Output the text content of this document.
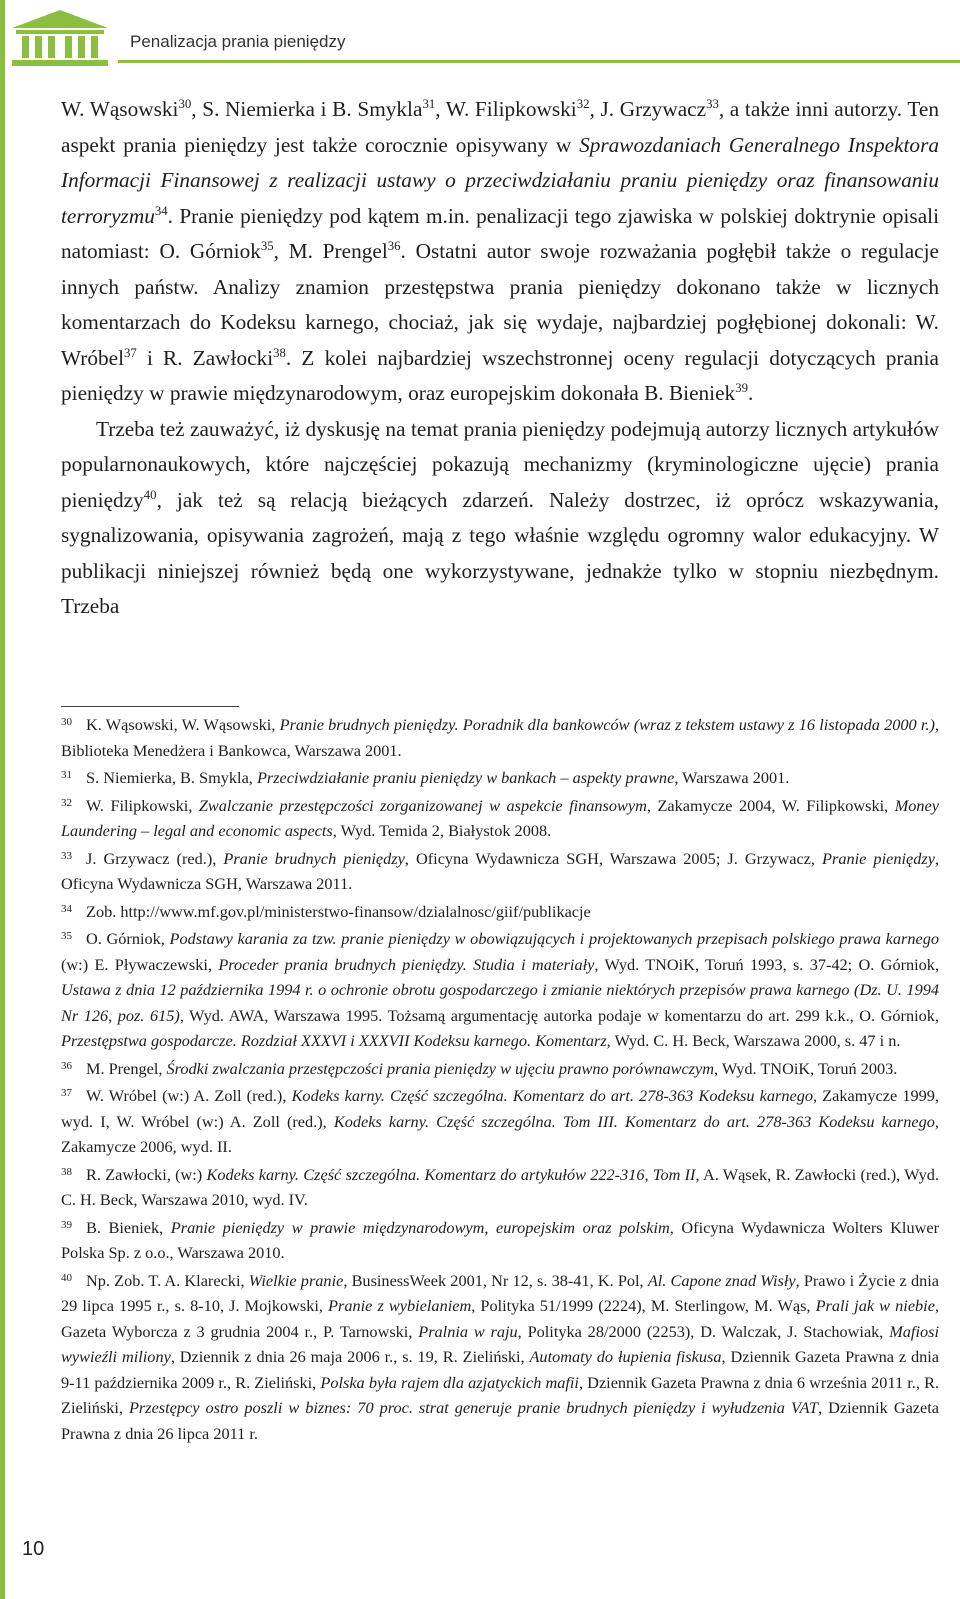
Penalizacja prania pieniędzy

W. Wąsowski$^{30}$, S. Niemierka i B. Smykla$^{31}$, W. Filipkowski$^{32}$, J. Grzywacz$^{33}$, a także inni autorzy. Ten aspekt prania pieniędzy jest także corocznie opisywany w Sprawozdaniach Generalnego Inspektora Informacji Finansowej z realizacji ustawy o przeciwdziałaniu praniu pieniędzy oraz finansowaniu terroryzmu$^{34}$. Pranie pieniędzy pod kątem m.in. penalizacji tego zjawiska w polskiej doktrynie opisali natomiast: O. Górniok$^{35}$, M. Prengel$^{36}$. Ostatni autor swoje rozważania pogłębił także o regulacje innych państw. Analizy znamion przestępstwa prania pieniędzy dokonano także w licznych komentarzach do Kodeksu karnego, chociaż, jak się wydaje, najbardziej pogłębionej dokonali: W. Wróbel$^{37}$ i R. Zawłocki$^{38}$. Z kolei najbardziej wszechstronnej oceny regulacji dotyczących prania pieniędzy w prawie międzynarodowym, oraz europejskim dokonała B. Bieniek$^{39}$.

Trzeba też zauważyć, iż dyskusję na temat prania pieniędzy podejmują autorzy licznych artykułów popularnonaukowych, które najczęściej pokazują mechanizmy (kryminologiczne ujęcie) prania pieniędzy$^{40}$, jak też są relacją bieżących zdarzeń. Należy dostrzec, iż oprócz wskazywania, sygnalizowania, opisywania zagrożeń, mają z tego właśnie względu ogromny walor edukacyjny. W publikacji niniejszej również będą one wykorzystywane, jednakże tylko w stopniu niezbędnym. Trzeba

$^{30}$ K. Wąsowski, W. Wąsowski, Pranie brudnych pieniędzy. Poradnik dla bankowców (wraz z tekstem ustawy z 16 listopada 2000 r.), Biblioteka Menedżera i Bankowca, Warszawa 2001.

$^{31}$ S. Niemierka, B. Smykla, Przeciwdziałanie praniu pieniędzy w bankach – aspekty prawne, Warszawa 2001.

$^{32}$ W. Filipkowski, Zwalczanie przestępczości zorganizowanej w aspekcie finansowym, Zakamycze 2004, W. Filipkowski, Money Laundering – legal and economic aspects, Wyd. Temida 2, Białystok 2008.

$^{33}$ J. Grzywacz (red.), Pranie brudnych pieniędzy, Oficyna Wydawnicza SGH, Warszawa 2005; J. Grzywacz, Pranie pieniędzy, Oficyna Wydawnicza SGH, Warszawa 2011.

$^{34}$ Zob. http://www.mf.gov.pl/ministerstwo-finansow/dzialalnosc/giif/publikacje

$^{35}$ O. Górniok, Podstawy karania za tzw. pranie pieniędzy w obowiązujących i projektowanych przepisach polskiego prawa karnego (w:) E. Pływaczewski, Proceder prania brudnych pieniędzy. Studia i materiały, Wyd. TNOiK, Toruń 1993, s. 37-42; O. Górniok, Ustawa z dnia 12 października 1994 r. o ochronie obrotu gospodarczego i zmianie niektórych przepisów prawa karnego (Dz. U. 1994 Nr 126, poz. 615), Wyd. AWA, Warszawa 1995. Tożsamą argumentację autorka podaje w komentarzu do art. 299 k.k., O. Górniok, Przestępstwa gospodarcze. Rozdział XXXVI i XXXVII Kodeksu karnego. Komentarz, Wyd. C. H. Beck, Warszawa 2000, s. 47 i n.

$^{36}$ M. Prengel, Środki zwalczania przestępczości prania pieniędzy w ujęciu prawno porównawczym, Wyd. TNOiK, Toruń 2003.

$^{37}$ W. Wróbel (w:) A. Zoll (red.), Kodeks karny. Część szczególna. Komentarz do art. 278-363 Kodeksu karnego, Zakamycze 1999, wyd. I, W. Wróbel (w:) A. Zoll (red.), Kodeks karny. Część szczególna. Tom III. Komentarz do art. 278-363 Kodeksu karnego, Zakamycze 2006, wyd. II.

$^{38}$ R. Zawłocki, (w:) Kodeks karny. Część szczególna. Komentarz do artykułów 222-316, Tom II, A. Wąsek, R. Zawłocki (red.), Wyd. C. H. Beck, Warszawa 2010, wyd. IV.

$^{39}$ B. Bieniek, Pranie pieniędzy w prawie międzynarodowym, europejskim oraz polskim, Oficyna Wydawnicza Wolters Kluwer Polska Sp. z o.o., Warszawa 2010.

$^{40}$ Np. Zob. T. A. Klarecki, Wielkie pranie, BusinessWeek 2001, Nr 12, s. 38-41, K. Pol, Al. Capone znad Wisły, Prawo i Życie z dnia 29 lipca 1995 r., s. 8-10, J. Mojkowski, Pranie z wybielaniem, Polityka 51/1999 (2224), M. Sterlingow, M. Wąs, Prali jak w niebie, Gazeta Wyborcza z 3 grudnia 2004 r., P. Tarnowski, Pralnia w raju, Polityka 28/2000 (2253), D. Walczak, J. Stachowiak, Mafiosi wywieźli miliony, Dziennik z dnia 26 maja 2006 r., s. 19, R. Zieliński, Automaty do łupienia fiskusa, Dziennik Gazeta Prawna z dnia 9-11 października 2009 r., R. Zieliński, Polska była rajem dla azjatyckich mafii, Dziennik Gazeta Prawna z dnia 6 września 2011 r., R. Zieliński, Przestępcy ostro poszli w biznes: 70 proc. strat generuje pranie brudnych pieniędzy i wyłudzenia VAT, Dziennik Gazeta Prawna z dnia 26 lipca 2011 r.

10
